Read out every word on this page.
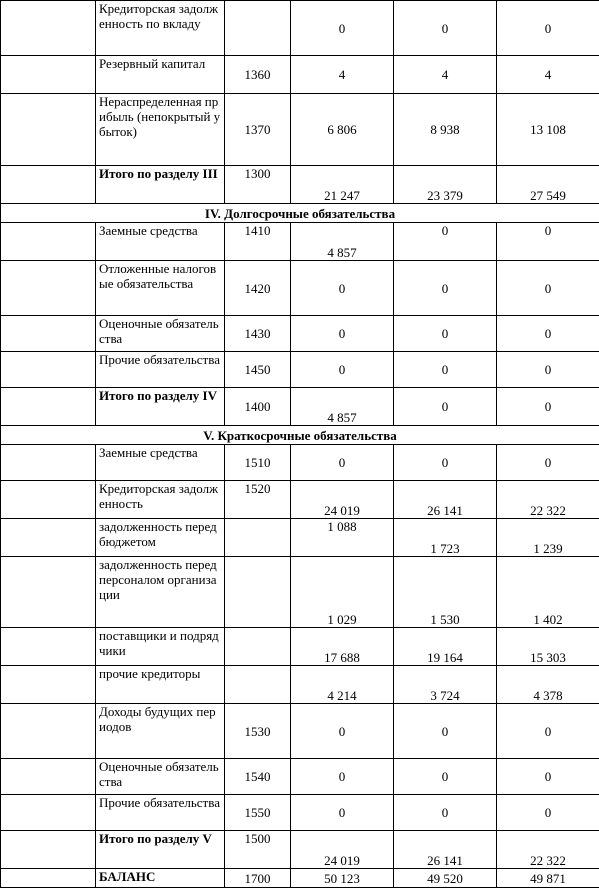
	Кредиторская задолженность по вкладу		0	0	0
	Резервный капитал	1360	4	4	4
	Нераспределенная прибыль (непокрытый убыток)	1370	6 806	8 938	13 108
	Итого по разделу III	1300	21 247	23 379	27 549
IV. Долгосрочные обязательства					
	Заемные средства	1410	4 857	0	0
	Отложенные налоговые обязательства	1420	0	0	0
	Оценочные обязательства	1430	0	0	0
	Прочие обязательства	1450	0	0	0
	Итого по разделу IV	1400	4 857	0	0
V. Краткосрочные обязательства					
	Заемные средства	1510	0	0	0
	Кредиторская задолженность	1520	24 019	26 141	22 322
	задолженность перед бюджетом		1 088	1 723	1 239
	задолженность перед персоналом организации		1 029	1 530	1 402
	поставщики и подрядчики		17 688	19 164	15 303
	прочие кредиторы		4 214	3 724	4 378
	Доходы будущих периодов	1530	0	0	0
	Оценочные обязательства	1540	0	0	0
	Прочие обязательства	1550	0	0	0
	Итого по разделу V	1500	24 019	26 141	22 322
	БАЛАНС	1700	50 123	49 520	49 871
